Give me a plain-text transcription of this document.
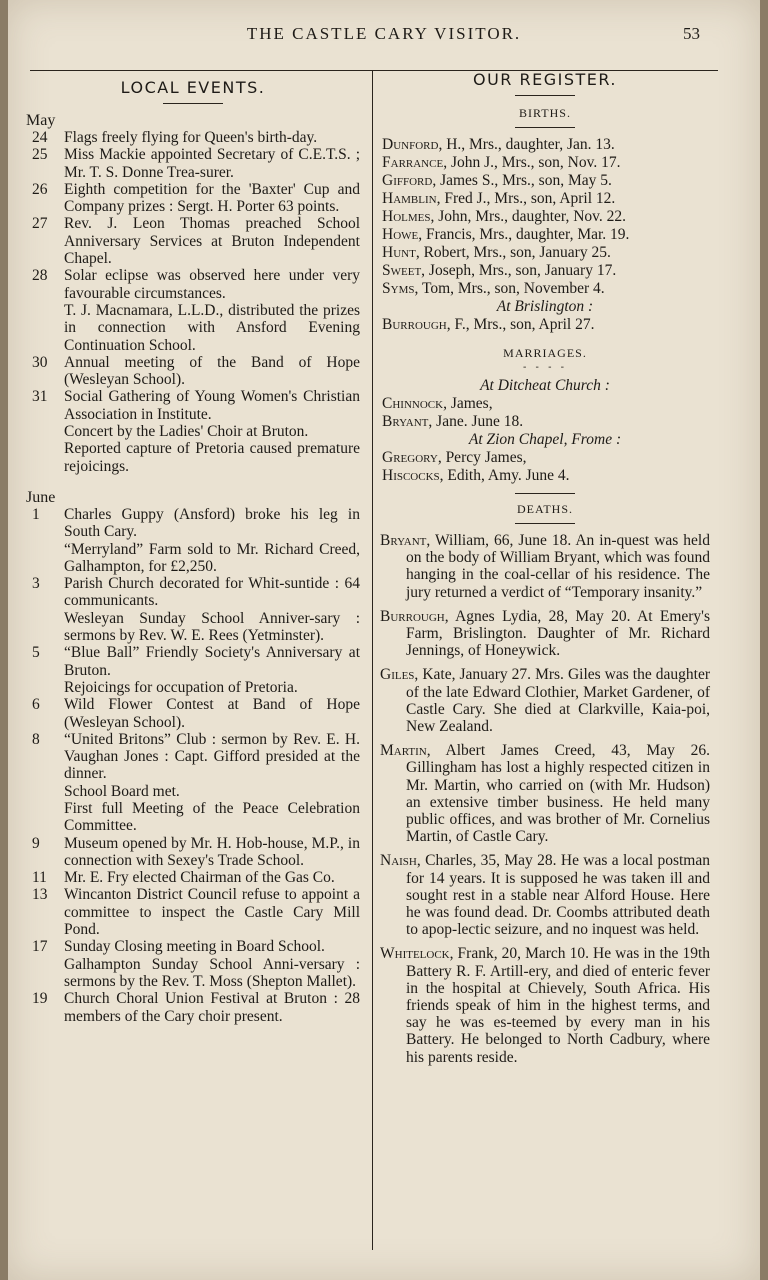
THE CASTLE CARY VISITOR.	53
LOCAL EVENTS.
May
24	Flags freely flying for Queen's birth-day.
25	Miss Mackie appointed Secretary of C.E.T.S. ; Mr. T. S. Donne Trea-surer.
26	Eighth competition for the 'Baxter' Cup and Company prizes : Sergt. H. Porter 63 points.
27	Rev. J. Leon Thomas preached School Anniversary Services at Bruton Independent Chapel.
28	Solar eclipse was observed here under very favourable circumstances.
T. J. Macnamara, L.L.D., distributed the prizes in connection with Ansford Evening Continuation School.
30	Annual meeting of the Band of Hope (Wesleyan School).
31	Social Gathering of Young Women's Christian Association in Institute.
Concert by the Ladies' Choir at Bruton.
Reported capture of Pretoria caused premature rejoicings.
June
1	Charles Guppy (Ansford) broke his leg in South Cary.
“Merryland” Farm sold to Mr. Richard Creed, Galhampton, for £2,250.
3	Parish Church decorated for Whit-suntide : 64 communicants.
Wesleyan Sunday School Anniver-sary : sermons by Rev. W. E. Rees (Yetminster).
5	“Blue Ball” Friendly Society's Anniversary at Bruton.
Rejoicings for occupation of Pretoria.
6	Wild Flower Contest at Band of Hope (Wesleyan School).
8	“United Britons” Club : sermon by Rev. E. H. Vaughan Jones : Capt. Gifford presided at the dinner.
School Board met.
First full Meeting of the Peace Celebration Committee.
9	Museum opened by Mr. H. Hob-house, M.P., in connection with Sexey's Trade School.
11	Mr. E. Fry elected Chairman of the Gas Co.
13	Wincanton District Council refuse to appoint a committee to inspect the Castle Cary Mill Pond.
17	Sunday Closing meeting in Board School.
Galhampton Sunday School Anni-versary : sermons by the Rev. T. Moss (Shepton Mallet).
19	Church Choral Union Festival at Bruton : 28 members of the Cary choir present.
OUR REGISTER.
BIRTHS.
Dunford, H., Mrs., daughter, Jan. 13.
Farrance, John J., Mrs., son, Nov. 17.
Gifford, James S., Mrs., son, May 5.
Hamblin, Fred J., Mrs., son, April 12.
Holmes, John, Mrs., daughter, Nov. 22.
Howe, Francis, Mrs., daughter, Mar. 19.
Hunt, Robert, Mrs., son, January 25.
Sweet, Joseph, Mrs., son, January 17.
Syms, Tom, Mrs., son, November 4.
At Brislington :
Burrough, F., Mrs., son, April 27.
MARRIAGES.
- - - -
At Ditcheat Church :
Chinnock, James,
Bryant, Jane. June 18.
At Zion Chapel, Frome :
Gregory, Percy James,
Hiscocks, Edith, Amy. June 4.
DEATHS.
Bryant, William, 66, June 18. An in-quest was held on the body of William Bryant, which was found hanging in the coal-cellar of his residence. The jury returned a verdict of “Temporary insanity.”
Burrough, Agnes Lydia, 28, May 20. At Emery's Farm, Brislington. Daughter of Mr. Richard Jennings, of Honeywick.
Giles, Kate, January 27. Mrs. Giles was the daughter of the late Edward Clothier, Market Gardener, of Castle Cary. She died at Clarkville, Kaia-poi, New Zealand.
Martin, Albert James Creed, 43, May 26. Gillingham has lost a highly respected citizen in Mr. Martin, who carried on (with Mr. Hudson) an extensive timber business. He held many public offices, and was brother of Mr. Cornelius Martin, of Castle Cary.
Naish, Charles, 35, May 28. He was a local postman for 14 years. It is supposed he was taken ill and sought rest in a stable near Alford House. Here he was found dead. Dr. Coombs attributed death to apop-lectic seizure, and no inquest was held.
Whitelock, Frank, 20, March 10. He was in the 19th Battery R. F. Artill-ery, and died of enteric fever in the hospital at Chievely, South Africa. His friends speak of him in the highest terms, and say he was es-teemed by every man in his Battery. He belonged to North Cadbury, where his parents reside.
